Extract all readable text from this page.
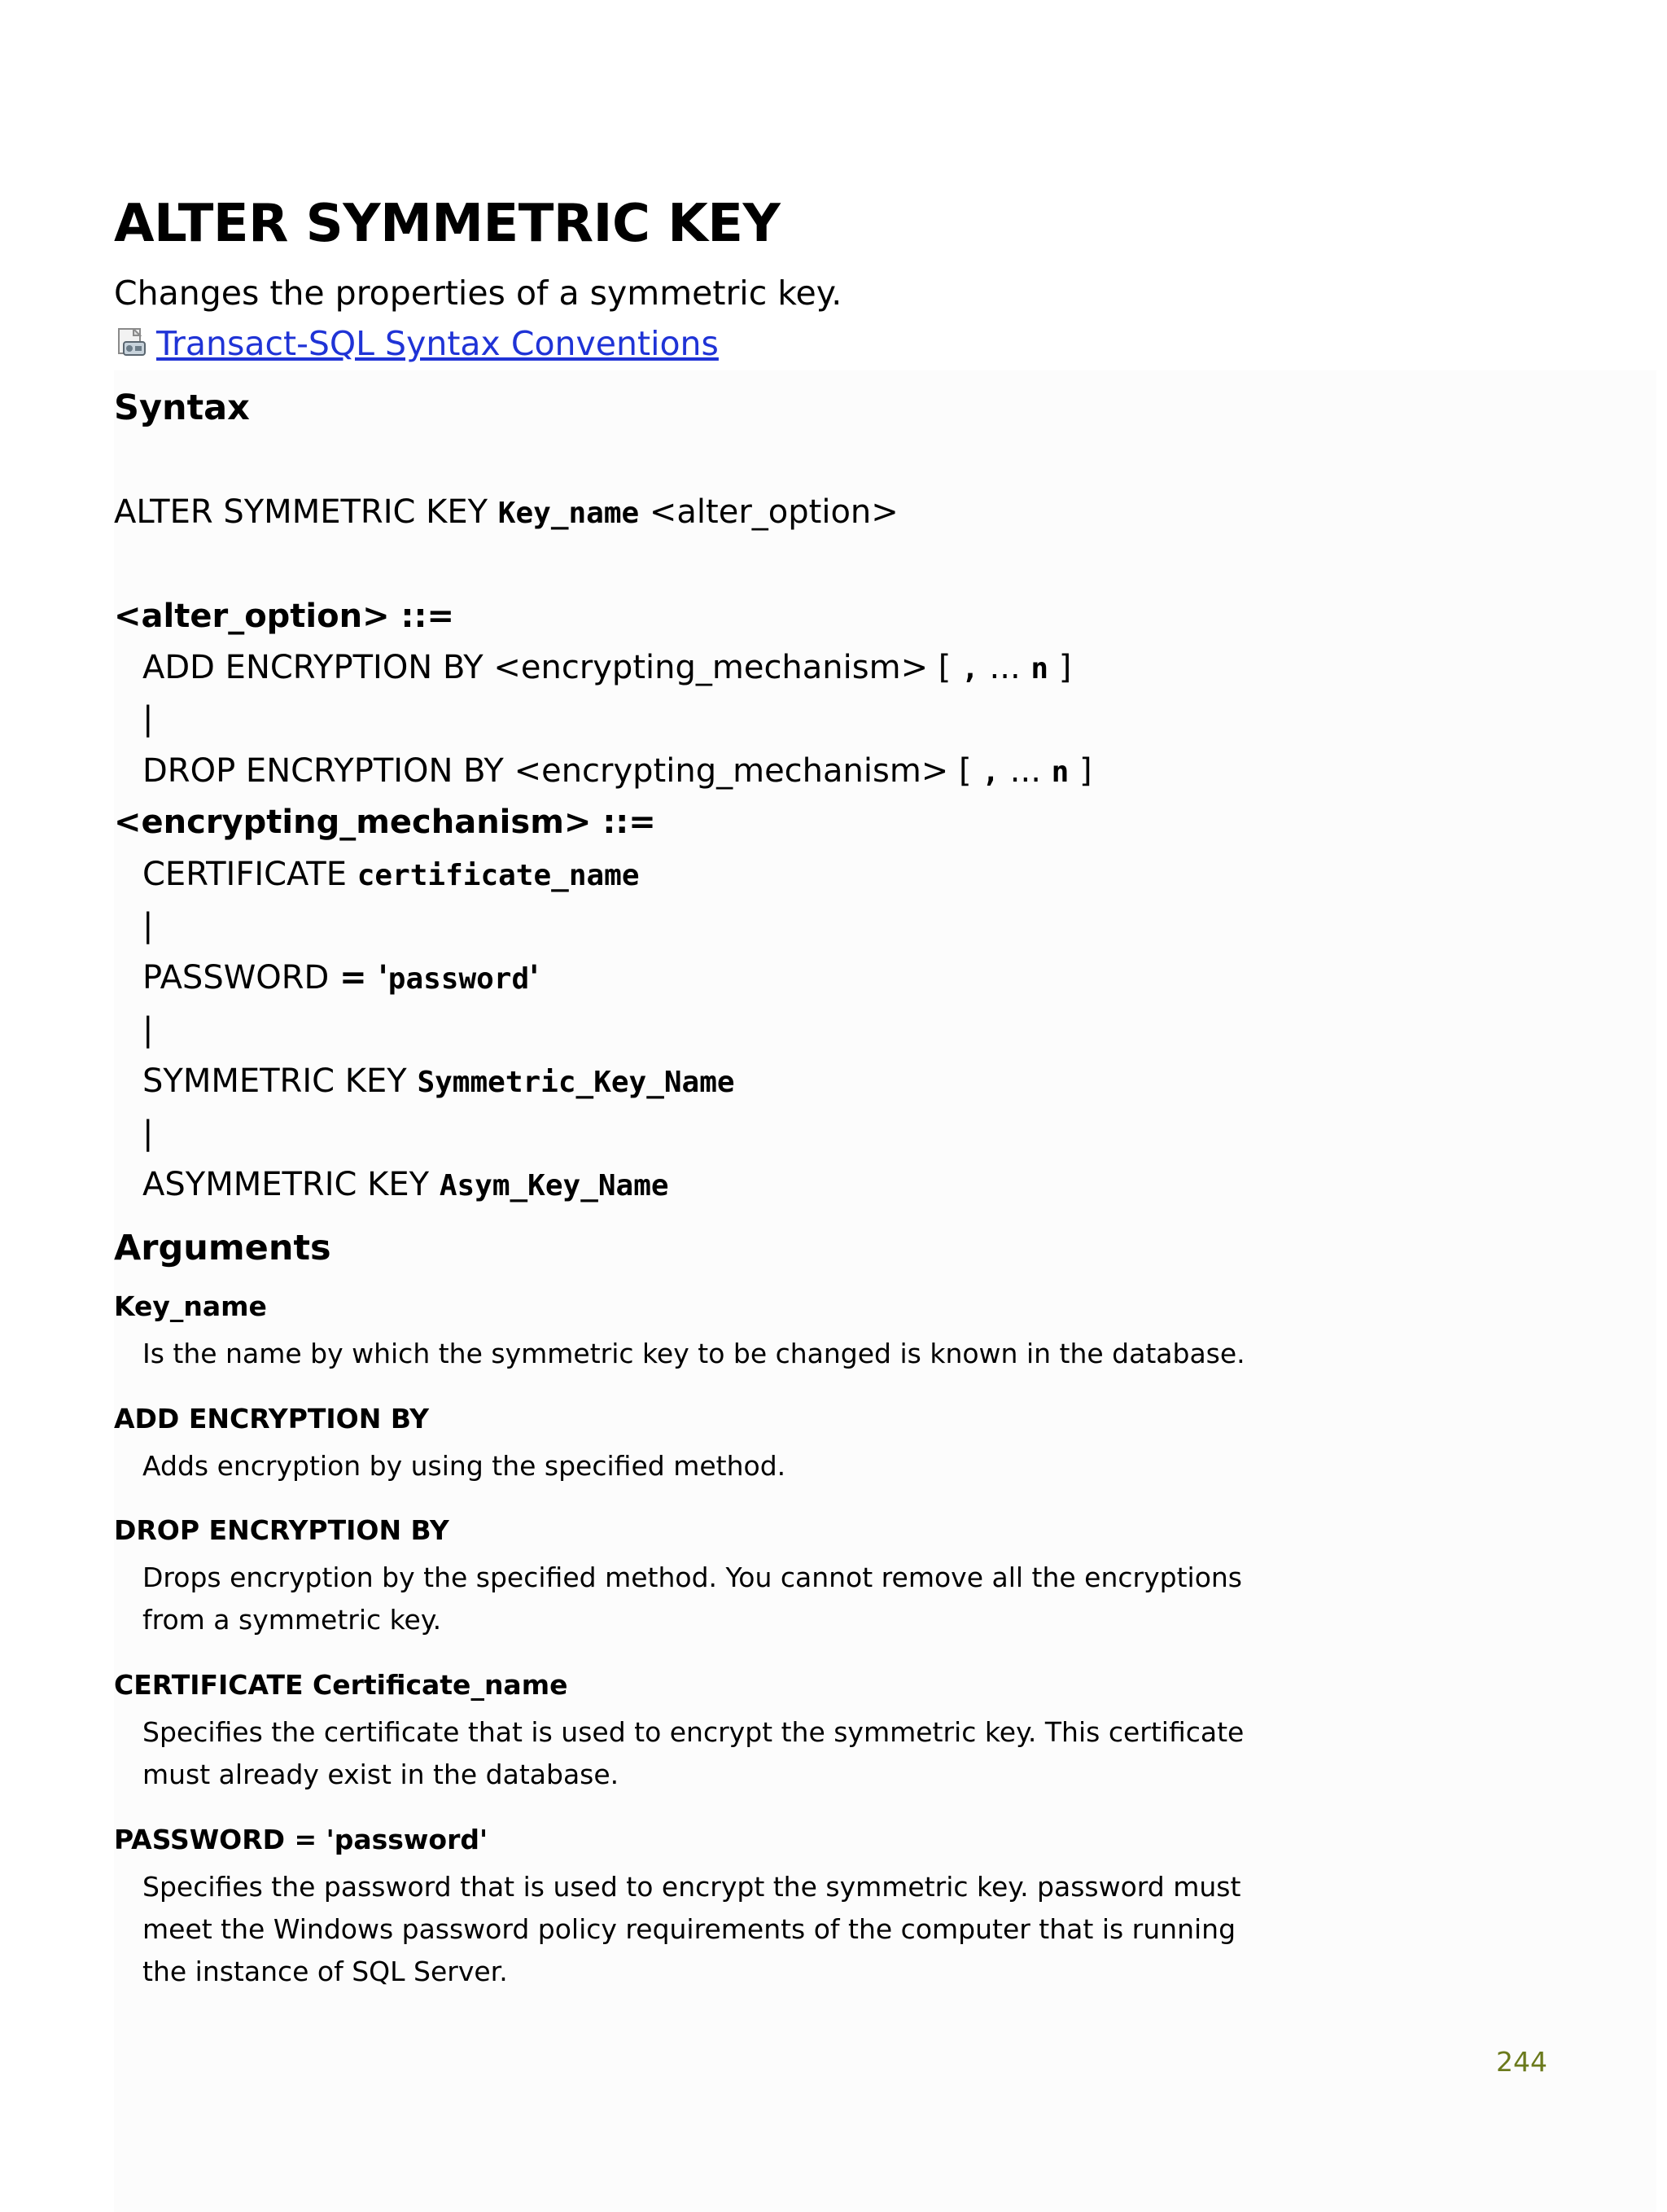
ALTER SYMMETRIC KEY
Changes the properties of a symmetric key.
Transact-SQL Syntax Conventions
Syntax
ALTER SYMMETRIC KEY Key_name <alter_option>
<alter_option> ::=
ADD ENCRYPTION BY <encrypting_mechanism> [ , ... n ]
|
DROP ENCRYPTION BY <encrypting_mechanism> [ , ... n ]
<encrypting_mechanism> ::=
CERTIFICATE certificate_name
|
PASSWORD = 'password'
|
SYMMETRIC KEY Symmetric_Key_Name
|
ASYMMETRIC KEY Asym_Key_Name
Arguments
Key_name
Is the name by which the symmetric key to be changed is known in the database.
ADD ENCRYPTION BY
Adds encryption by using the specified method.
DROP ENCRYPTION BY
Drops encryption by the specified method. You cannot remove all the encryptions from a symmetric key.
CERTIFICATE Certificate_name
Specifies the certificate that is used to encrypt the symmetric key. This certificate must already exist in the database.
PASSWORD = 'password'
Specifies the password that is used to encrypt the symmetric key. password must meet the Windows password policy requirements of the computer that is running the instance of SQL Server.
244
